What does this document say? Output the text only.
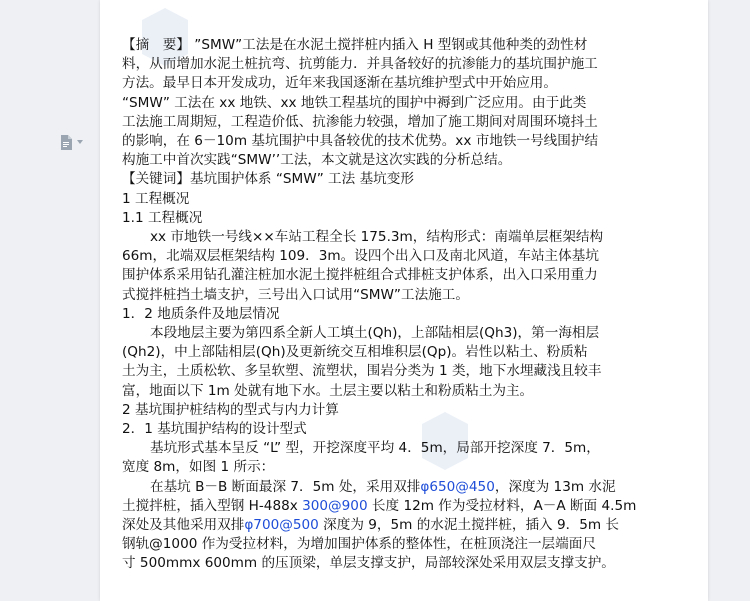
【摘　要】 ”SMW”工法是在水泥土搅拌桩内插入 H 型钢或其他种类的劲性材

料，从而增加水泥土桩抗弯、抗剪能力．并具备较好的抗渗能力的基坑围护施工

方法。最早日本开发成功，近年来我国逐渐在基坑维护型式中开始应用。

“SMW” 工法在 xx 地铁、xx 地铁工程基坑的围护中褥到广泛应用。由于此类

工法施工周期短，工程造价低、抗渗能力较强，增加了施工期间对周围环境抖土

的影响，在 6－10m 基坑围护中具备较优的技术优势。xx 市地铁一号线围护结

构施工中首次实践“SMW’’工法，本文就是这次实践的分析总结。

【关键词】基坑围护体系 “SMW” 工法 基坑变形

1 工程概况

1.1 工程概况

xx 市地铁一号线××车站工程全长 175.3m，结构形式：南端单层框架结构

66m，北端双层框架结构 109．3m。设四个出入口及南北风道，车站主体基坑

围护体系采用钻孔灌注桩加水泥土搅拌桩组合式排桩支护体系，出入口采用重力

式搅拌桩挡土墙支护，三号出入口试用“SMW”工法施工。

1．2 地质条件及地层情况

本段地层主要为第四系全新人工填土(Qh)，上部陆相层(Qh3)，第一海相层

(Qh2)，中上部陆相层(Qh)及更新统交互相堆积层(Qp)。岩性以粘土、粉质粘

土为主，土质松软、多呈软塑、流塑状，围岩分类为 1 类，地下水埋藏浅且较丰

富，地面以下 1m 处就有地下水。土层主要以粘土和粉质粘土为主。

2 基坑围护桩结构的型式与内力计算

2．1 基坑围护结构的设计型式

基坑形式基本呈反 “L” 型，开挖深度平均 4．5m，局部开挖深度 7．5m，

宽度 8m，如图 1 所示：

在基坑 B－B 断面最深 7．5m 处，采用双排φ650@450，深度为 13m 水泥

土搅拌桩，插入型钢 H-488x 300@900 长度 12m 作为受拉材料，A－A 断面 4.5m

深处及其他采用双排φ700@500 深度为 9，5m 的水泥土搅拌桩，插入 9．5m 长

钢轨@1000 作为受拉材料，为增加围护体系的整体性，在桩顶浇注一层端面尺

寸 500mmx 600mm 的压顶梁，单层支撑支护，局部较深处采用双层支撑支护。
